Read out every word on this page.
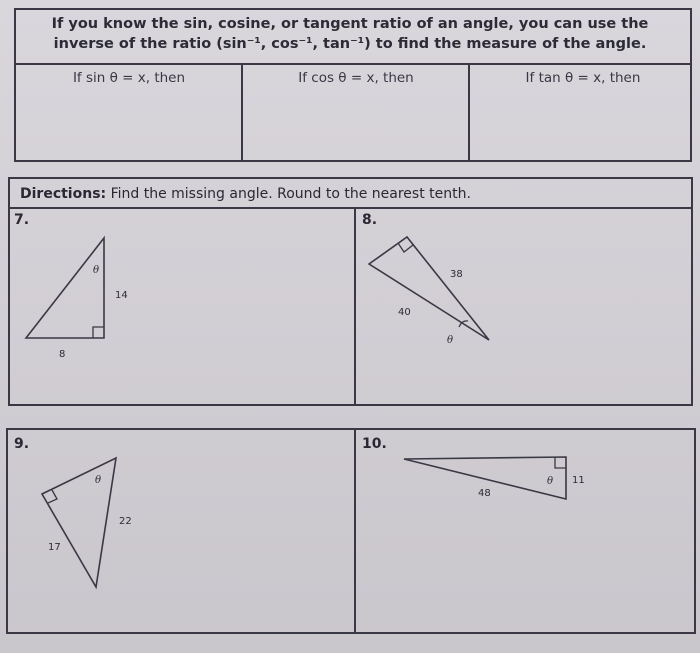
If you know the sin, cosine, or tangent ratio of an angle, you can use the
inverse of the ratio (sin⁻¹, cos⁻¹, tan⁻¹) to find the measure of the angle.
If sin θ = x, then	If cos θ = x, then	If tan θ = x, then
Directions: Find the missing angle. Round to the nearest tenth.
7.	8.
9.	10.
14
8
θ	38
40
θ
22
17
θ	11
48
θ
